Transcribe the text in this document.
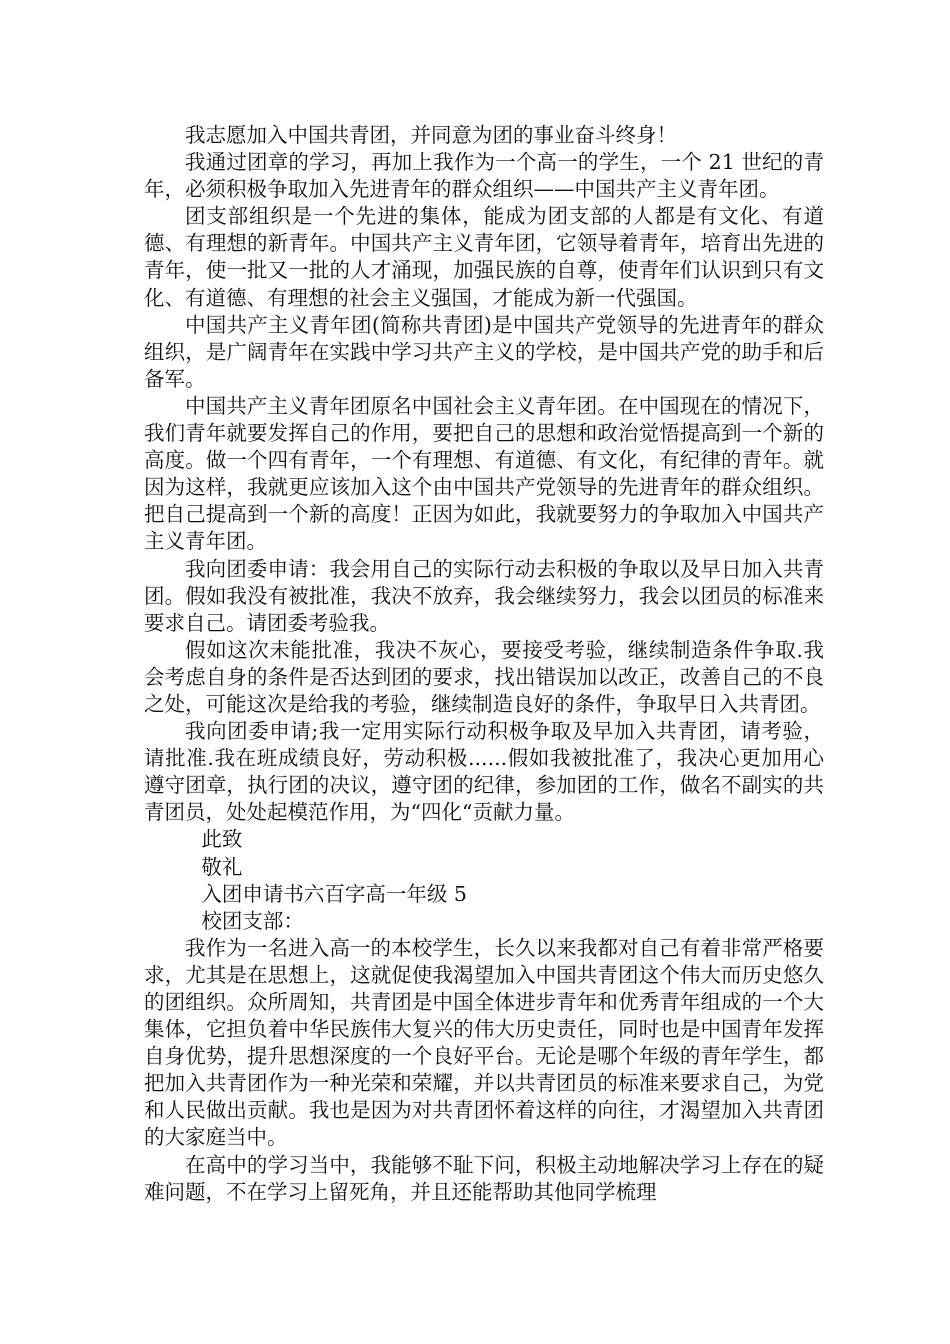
我志愿加入中国共青团，并同意为团的事业奋斗终身！

我通过团章的学习，再加上我作为一个高一的学生，一个 21 世纪的青年，必须积极争取加入先进青年的群众组织——中国共产主义青年团。

团支部组织是一个先进的集体，能成为团支部的人都是有文化、有道德、有理想的新青年。中国共产主义青年团，它领导着青年，培育出先进的青年，使一批又一批的人才涌现，加强民族的自尊，使青年们认识到只有文化、有道德、有理想的社会主义强国，才能成为新一代强国。

中国共产主义青年团(简称共青团)是中国共产党领导的先进青年的群众组织，是广阔青年在实践中学习共产主义的学校，是中国共产党的助手和后备军。

中国共产主义青年团原名中国社会主义青年团。在中国现在的情况下，我们青年就要发挥自己的作用，要把自己的思想和政治觉悟提高到一个新的高度。做一个四有青年，一个有理想、有道德、有文化，有纪律的青年。就因为这样，我就更应该加入这个由中国共产党领导的先进青年的群众组织。把自己提高到一个新的高度！正因为如此，我就要努力的争取加入中国共产主义青年团。

我向团委申请：我会用自己的实际行动去积极的争取以及早日加入共青团。假如我没有被批准，我决不放弃，我会继续努力，我会以团员的标准来要求自己。请团委考验我。

假如这次未能批准，我决不灰心，要接受考验，继续制造条件争取.我会考虑自身的条件是否达到团的要求，找出错误加以改正，改善自己的不良之处，可能这次是给我的考验，继续制造良好的条件，争取早日入共青团。

我向团委申请;我一定用实际行动积极争取及早加入共青团，请考验，请批准.我在班成绩良好，劳动积极......假如我被批准了，我决心更加用心遵守团章，执行团的决议，遵守团的纪律，参加团的工作，做名不副实的共青团员，处处起模范作用，为“四化“贡献力量。

此致

敬礼

入团申请书六百字高一年级 5

校团支部：

我作为一名进入高一的本校学生，长久以来我都对自己有着非常严格要求，尤其是在思想上，这就促使我渴望加入中国共青团这个伟大而历史悠久的团组织。众所周知，共青团是中国全体进步青年和优秀青年组成的一个大集体，它担负着中华民族伟大复兴的伟大历史责任，同时也是中国青年发挥自身优势，提升思想深度的一个良好平台。无论是哪个年级的青年学生，都把加入共青团作为一种光荣和荣耀，并以共青团员的标准来要求自己，为党和人民做出贡献。我也是因为对共青团怀着这样的向往，才渴望加入共青团的大家庭当中。

在高中的学习当中，我能够不耻下问，积极主动地解决学习上存在的疑难问题，不在学习上留死角，并且还能帮助其他同学梳理
